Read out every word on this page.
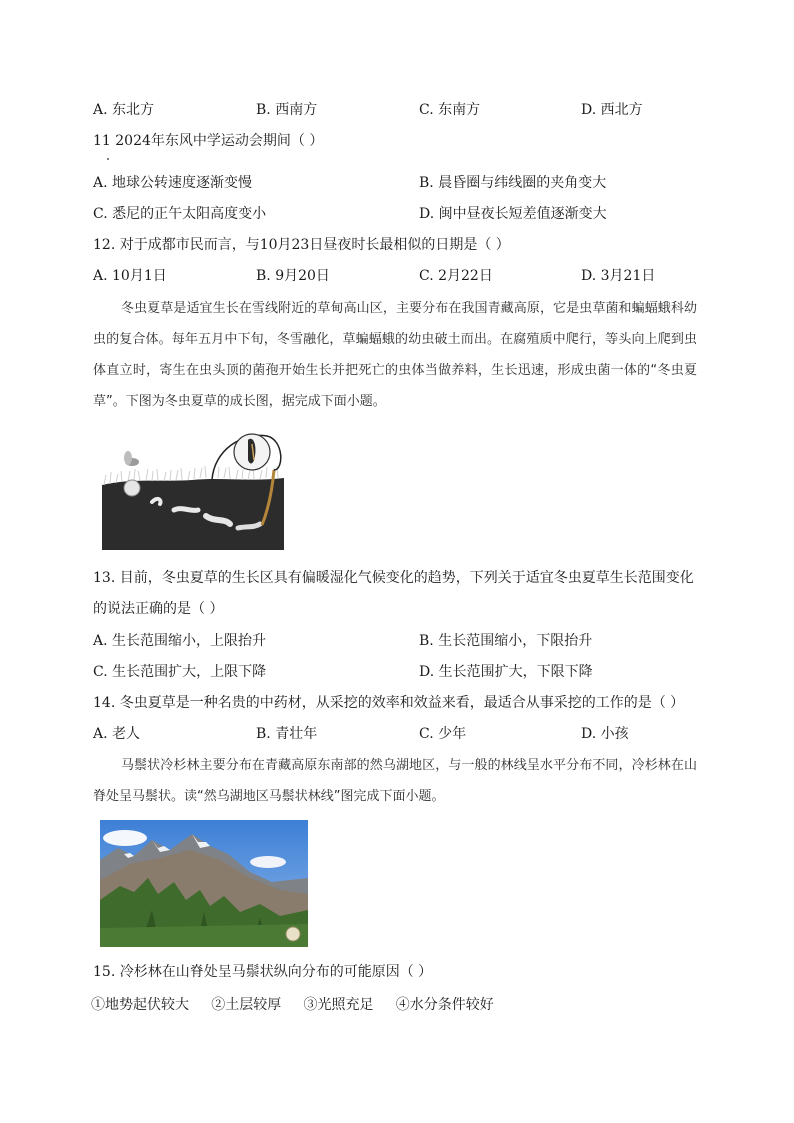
A. 东北方	B. 西南方	C. 东南方	D. 西北方
11 2024年东风中学运动会期间（ ）
A. 地球公转速度逐渐变慢	B. 晨昏圈与纬线圈的夹角变大
C. 悉尼的正午太阳高度变小	D. 闽中昼夜长短差值逐渐变大
12. 对于成都市民而言，与10月23日昼夜时长最相似的日期是（ ）
A. 10月1日	B. 9月20日	C. 2月22日	D. 3月21日

冬虫夏草是适宜生长在雪线附近的草甸高山区，主要分布在我国青藏高原，它是虫草菌和蝙蝠蛾科幼虫的复合体。每年五月中下旬，冬雪融化，草蝙蝠蛾的幼虫破土而出。在腐殖质中爬行，等头向上爬到虫体直立时，寄生在虫头顶的菌孢开始生长并把死亡的虫体当做养料，生长迅速，形成虫菌一体的“冬虫夏草”。下图为冬虫夏草的成长图，据完成下面小题。

13. 目前，冬虫夏草的生长区具有偏暖湿化气候变化的趋势，下列关于适宜冬虫夏草生长范围变化的说法正确的是（ ）

A. 生长范围缩小，上限抬升	B. 生长范围缩小，下限抬升
C. 生长范围扩大，上限下降	D. 生长范围扩大，下限下降
14. 冬虫夏草是一种名贵的中药材，从采挖的效率和效益来看，最适合从事采挖的工作的是（ ）
A. 老人	B. 青壮年	C. 少年	D. 小孩

马鬃状冷杉林主要分布在青藏高原东南部的然乌湖地区，与一般的林线呈水平分布不同，冷杉林在山脊处呈马鬃状。读“然乌湖地区马鬃状林线”图完成下面小题。

15. 冷杉林在山脊处呈马鬃状纵向分布的可能原因（ ）
①地势起伏较大     ②土层较厚     ③光照充足     ④水分条件较好
